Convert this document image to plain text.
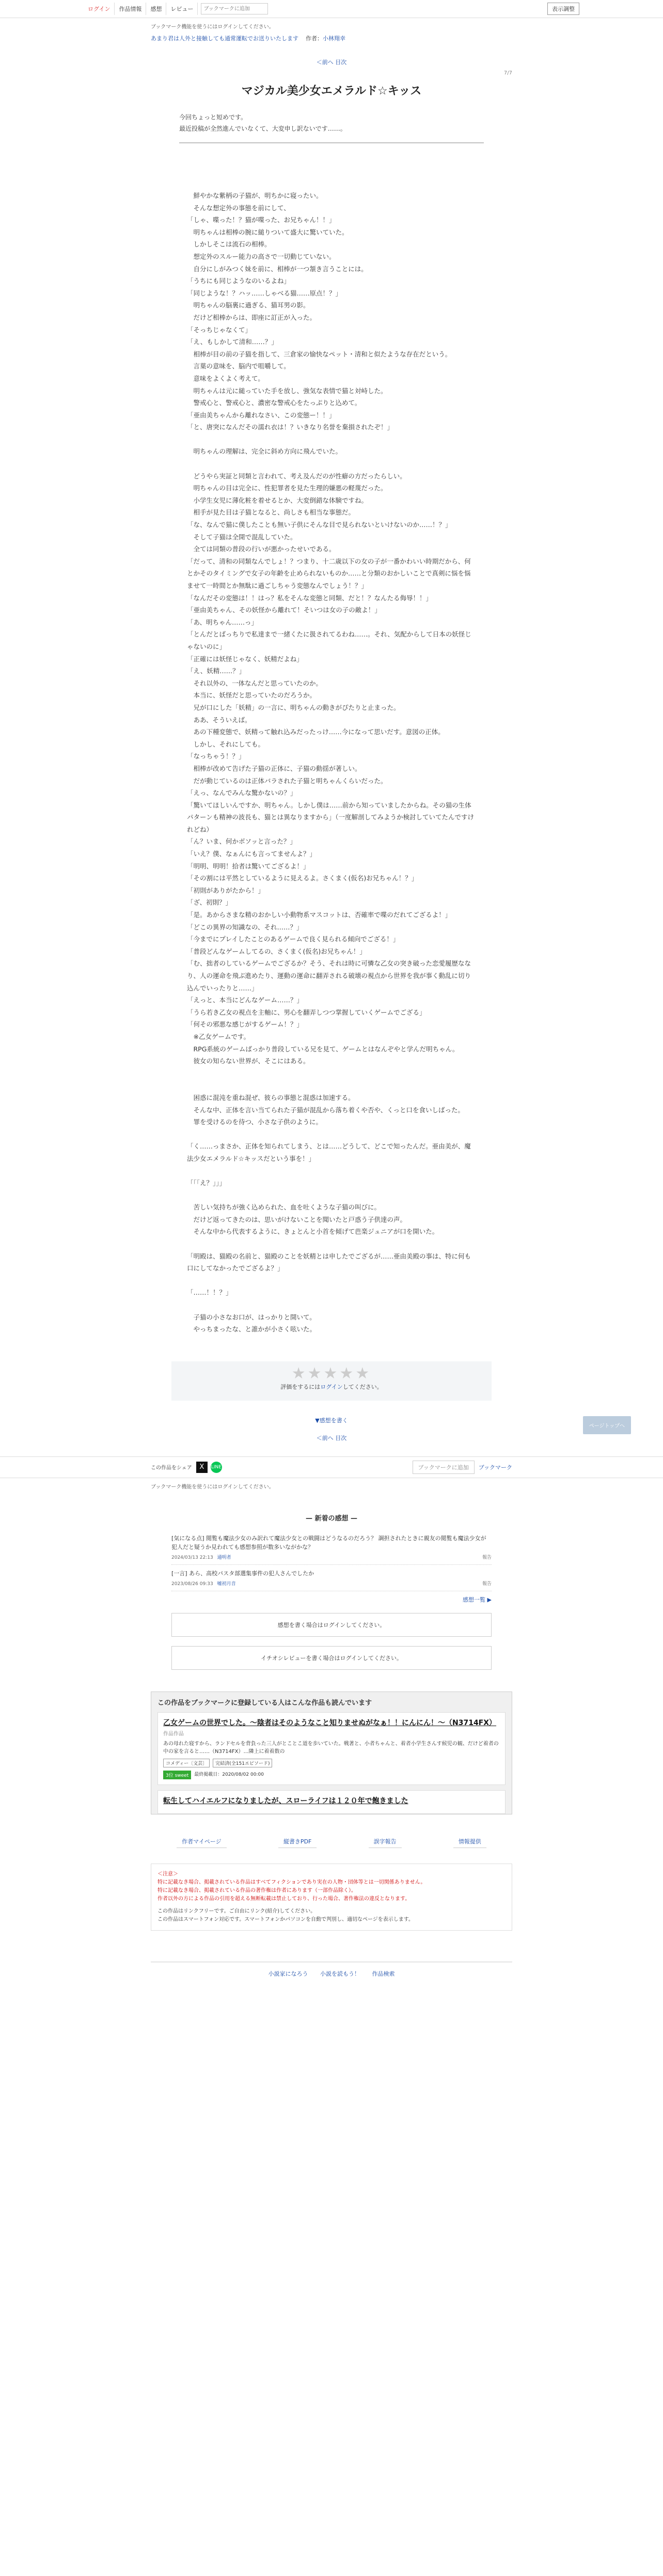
ログイン	作品情報	感想	レビュー
ブックマークに追加	表示調整
ブックマーク機能を使うにはログインしてください。
あまり君は人外と接触しても通常運転でお送りいたします 作者：小林翔幸
＜前へ 目次
7/7
マジカル美少女エメラルド☆キッス
今回ちょっと短めです。
最近投稿が全然進んでいなくて、大変申し訳ないです……。
　鮮やかな紫柄の子猫が、明ちかに寝ったい。
　そんな想定外の事態を前にして、
「しゃ、喋った！？猫が喋った、お兄ちゃん！！」
　明ちゃんは相棒の腕に縋りついて盛大に驚いていた。
　しかしそこは流石の相棒。
　想定外のスルー能力の高さで一切動じていない。
　自分にしがみつく妹を前に、相棒が一つ頷き言うことには。
「うちにも同じようなのいるよね」
「同じような！？ハッ……しゃべる猫……原点！？」
　明ちゃんの脳裏に過ぎる、猫耳男の影。
　だけど相棒からは、即座に訂正が入った。
「そっちじゃなくて」
「え、もしかして清和……？」
　相棒が目の前の子猫を指して、三倉家の愉快なペット・清和と似たような存在だという。
　言葉の意味を、脳内で咀嚼して。
　意味をよくよく考えて。
　明ちゃんは元に縋っていた手を放し、強気な表情で猫と対峙した。
　警戒心と、警戒心と、濃密な警戒心をたっぷりと込めて。
「亜由美ちゃんから離れなさい、この変態ー！！」
「と、唐突になんだその濡れ衣は！？いきなり名誉を棄損されたぞ！」

　明ちゃんの理解は、完全に斜め方向に飛んでいた。

　どうやら実証と同類と言われて、考え及んだのが性癖の方だったらしい。
　明ちゃんの目は完全に、性犯罪者を見た生理的嫌悪の軽蔑だった。
　小学生女児に薄化粧を着せるとか、大変倒錯な体験ですね。
　相手が見た目は子猫となると、尚しさも相当な事態だ。
「な、なんで猫に僕したことも無い子供にそんな目で見られないといけないのか……！？」
　そして子猫は全開で混乱していた。
　全ては同類の普段の行いが悪かったせいである。
「だって、清和の同類なんでしょ！？つまり、十二歳以下の女の子が一番かわいい時期だから、何とかそのタイミングで女子の年齢を止められないものか……と分類のおかしいことで真剣に悩を悩ませて一時間とか無駄に過ごしちゃう変態なんでしょう！？」
「なんだその変態は！！はっ？私をそんな変態と同類、だと！？なんたる侮辱！！」
「亜由美ちゃん、その妖怪から離れて！そいつは女の子の敵よ！」
「あ、明ちゃん……っ」
「とんだとばっちりで私達まで一緒くたに扱されてるわね……。それ、気配からして日本の妖怪じゃないのに」
「正確には妖怪じゃなく、妖精だよね」
「え、妖精……？」
　それ以外の、一体なんだと思っていたのか。
　本当に、妖怪だと思っていたのだろうか。
　兄が口にした「妖精」の一言に、明ちゃんの動きがぴたりと止まった。
　ああ、そういえば。
　あの下種変態で、妖精って触れ込みだったっけ……今になって思いだす。意図の正体。
　しかし、それにしても。
「なっちゃう！？」
　相棒が改めて告げた子猫の正体に、子猫の動揺が著しい。
　だが動じているのは正体バラされた子猫と明ちゃんくらいだった。
「えっ、なんでみんな驚かないの？」
「驚いてほしいんですか、明ちゃん。しかし僕は……前から知っていましたからね。その猫の生体パターンも精神の波長も、猫とは異なりますから」（一度解剖してみようか検討していてたんですけれどね）
「ん？いま、何かボソッと言った？」
「いえ？僕、なぁんにも言ってませんよ？」
「明明、明明！拾者は驚いてござるよ！」
「その割には平然としているように見えるよ。さくまく(仮名)お兄ちゃん！？」
「初則がありがたから！」
「ざ、初則？」
「是。あからさまな精のおかしい小動物系マスコットは、否確率で喋のだれてござるよ！」
「どこの異界の知識なの、それ……？」
「今までにプレイしたことのあるゲームで良く見られる傾向でござる！」
「普段どんなゲームしてるの、さくまく(仮名)お兄ちゃん！」
「む、拙者のしているゲームでござるか？そう、それは時に可憐な乙女の突き破った恋愛履歴ななり、人の運命を飛ぶ進めたり、運動の運命に翻弄される破壊の視点から世界を我が事く動乱に切り込んでいったりと……」
「えっと、本当にどんなゲーム……？」
「うら若き乙女の視点を主軸に、男心を翻弄しつつ掌握していくゲームでござる」
「何その邪悪な感じがするゲーム！？」
　※乙女ゲームです。
　RPG系統のゲームばっかり普段している兄を見て、ゲームとはなんぞやと学んだ明ちゃん。
　彼女の知らない世界が、そこにはある。

　困惑に混沌を重ね混ぜ、彼らの事態と混惑は加速する。
　そんな中、正体を言い当てられた子猫が混乱から落ち着くや否や、くっと口を食いしばった。
　罪を受けるのを待つ、小さな子供のように。

「く……っまさか、正体を知られてしまう、とは……どうして、どこで知ったんだ。亜由美が、魔法少女エメラルド☆キッスだという事を！」

「「「え？」」」

　苦しい気持ちが強く込められた、血を吐くような子猫の叫びに。
　だけど返ってきたのは、思いがけないことを聞いたと戸惑う子供達の声。
　そんな中から代表するように、きょとんと小首を傾げて芭楽ジュニアが口を開いた。

「明殿は、猫殿の名前と、猫殿のことを妖精とは申したでござるが……亜由美殿の事は、特に何も口にしてなかったでござるよ？」

「……！！？」

　子猫の小さなお口が、はっかりと開いて。
　やっちまったな、と誰かが小さく呟いた。
★★★★★
評価をするにはログインしてください。
▼感想を書く
ページトップへ
＜前へ 目次
この作品をシェア	X	LINE	ブックマークに追加	ブックマーク
ブックマーク機能を使うにはログインしてください。
— 新着の感想 —
[気になる点] 閲覧も魔法少女のみ訳れて魔法少女との戦闘はどうなるのだろう？ 調担されたときに親友の閲覧も魔法少女が犯人だと疑うか見われても感想参照が数多いながかな？
2024/03/13 22:13 通明者	報告
[一言] あら、高校パスタ部選集事件の犯人さんでしたか
2023/08/26 09:33 嘘初月音	報告
感想一覧 ▶
感想を書く場合はログインしてください。
イチオシレビューを書く場合はログインしてください。
この作品をブックマークに登録している人はこんな作品も読んでいます
乙女ゲームの世界でした。～陰者はそのようなこと知りませぬがなぁ！！にんにん！～（N3714FX）
作品作品
あの母れた寝すから、ランドセルを背負った三人がとことこ道を歩いていた。戦著と、小者ちゃんと、着者小学生さんす候児の観、だけど着者の中の家を言ると……（N3714FX）…隣上に着着数の
コメディー〔文芸〕	完結済(全151エピソード)
3位 sweet	最終掲載日：2020/08/02 00:00
転生してハイエルフになりましたが、スローライフは１２０年で飽きました
作者マイページ	縦書きPDF	誤字報告	情報提供
＜注意＞
特に記載なき場合、掲載されている作品はすべてフィクションであり実在の人物・団体等とは一切関係ありません。
特に記載なき場合、掲載されている作品の著作権は作者にあります（一部作品除く）。
作者以外の方による作品の引用を超える無断転載は禁止しており、行った場合、著作権法の違反となります。
この作品はリンクフリーです。ご自由にリンク(紹介)してください。
この作品はスマートフォン対応です。スマートフォンかパソコンを自動で判別し、適切なページを表示します。
小説家になろう 小説を読もう！ 作品検索
